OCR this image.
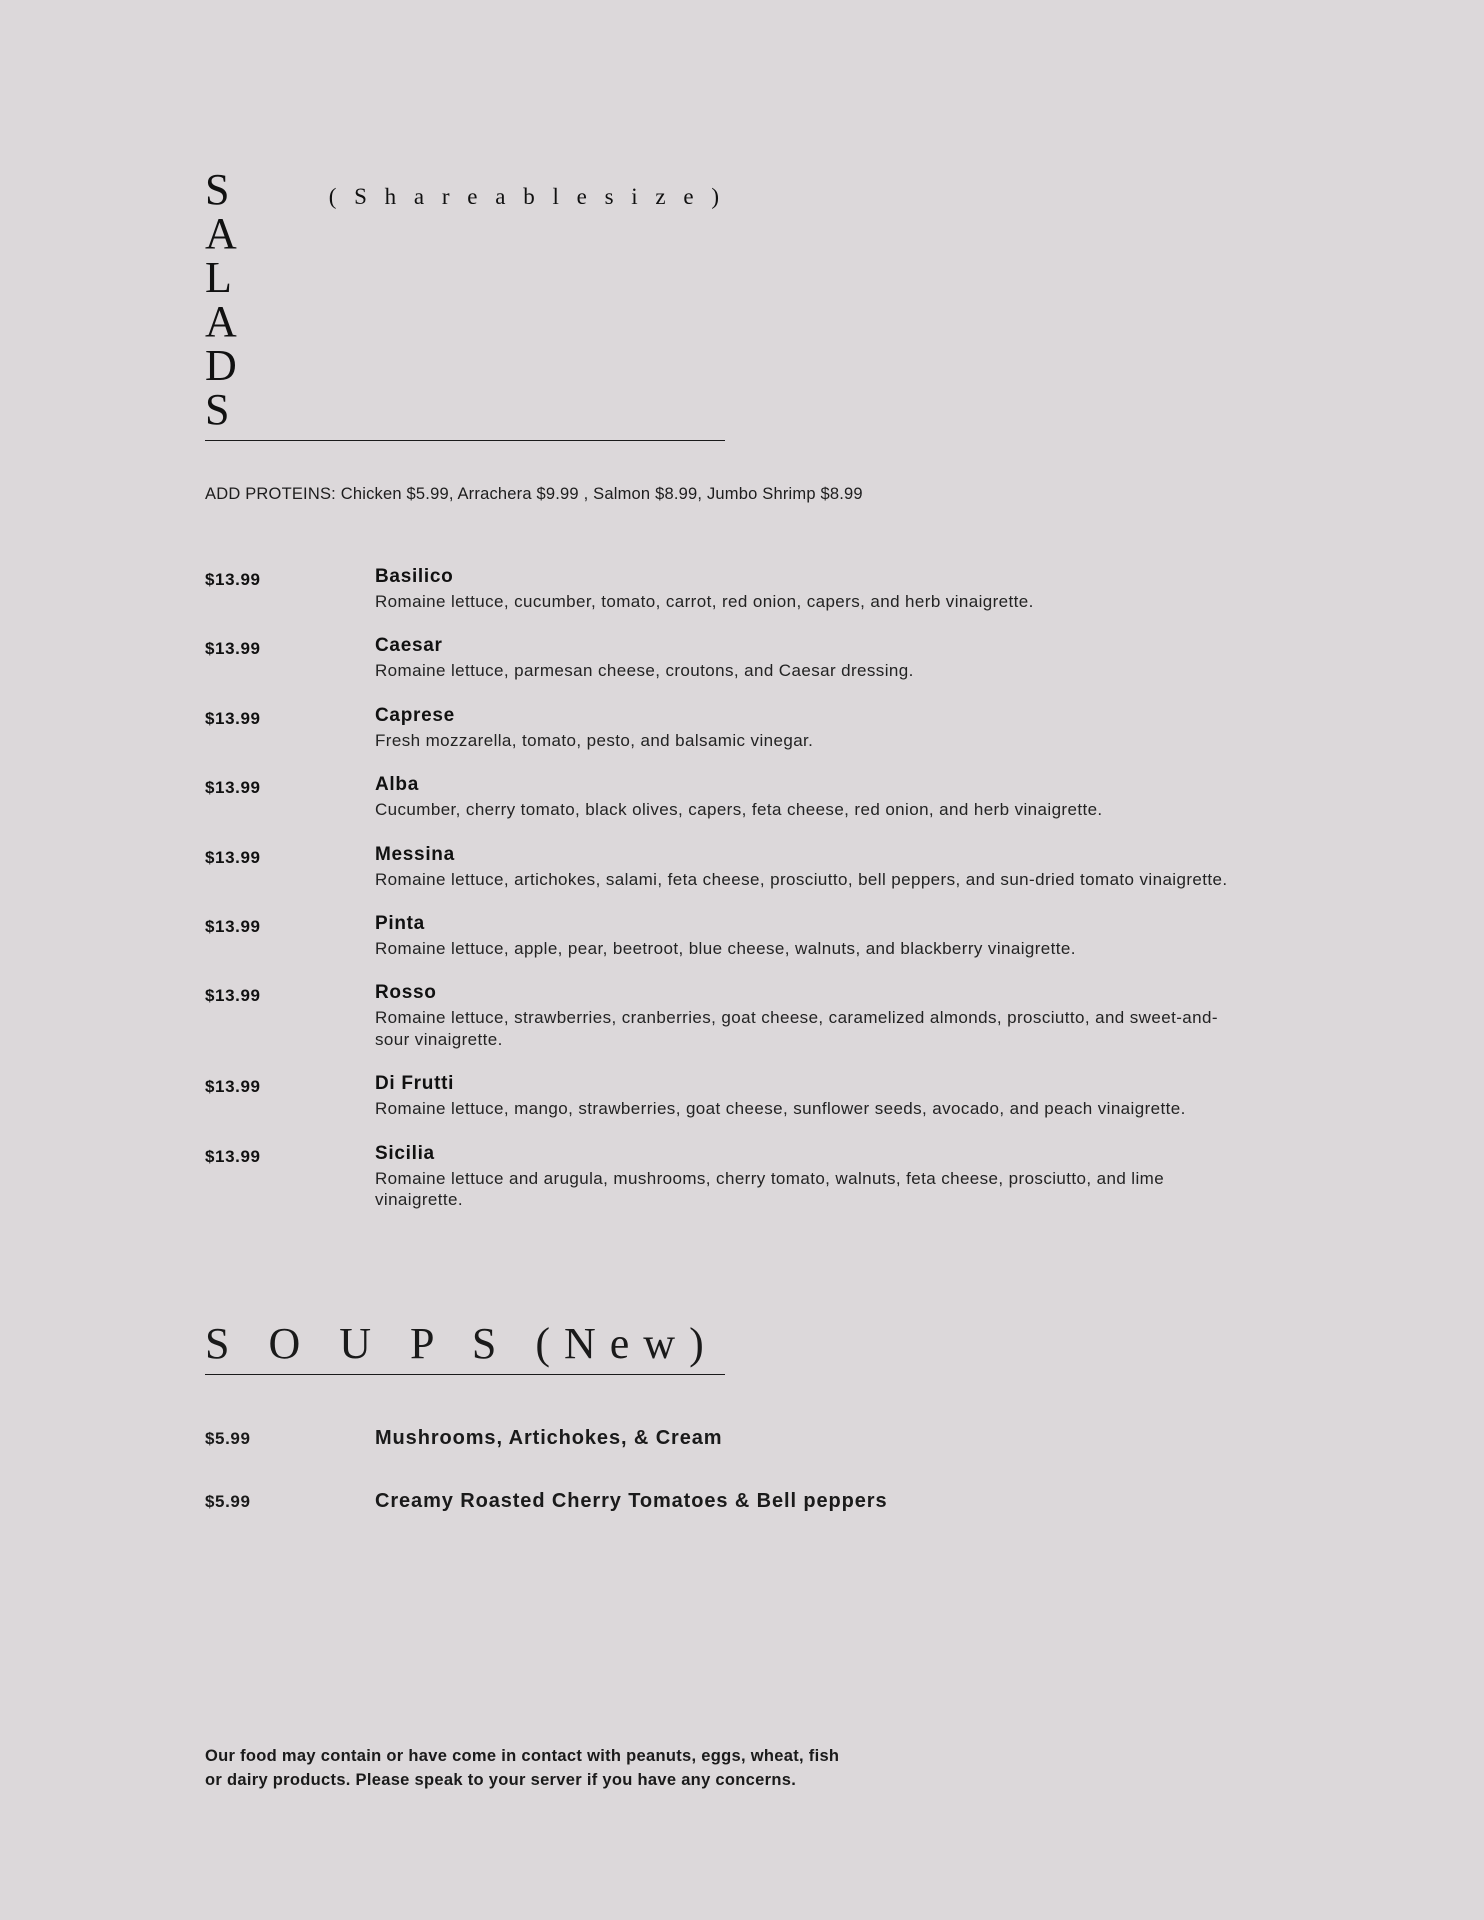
S A L A D S
( S h a r e a b l e s i z e )
ADD PROTEINS: Chicken $5.99, Arrachera $9.99 , Salmon $8.99, Jumbo Shrimp $8.99
$13.99	Basilico
Romaine lettuce, cucumber, tomato, carrot, red onion, capers, and herb vinaigrette.
$13.99	Caesar
Romaine lettuce, parmesan cheese, croutons, and Caesar dressing.
$13.99	Caprese
Fresh mozzarella, tomato, pesto, and balsamic vinegar.
$13.99	Alba
Cucumber, cherry tomato, black olives, capers, feta cheese, red onion, and herb vinaigrette.
$13.99	Messina
Romaine lettuce, artichokes, salami, feta cheese, prosciutto, bell peppers, and sun-dried tomato vinaigrette.
$13.99	Pinta
Romaine lettuce, apple, pear, beetroot, blue cheese, walnuts, and blackberry vinaigrette.
$13.99	Rosso
Romaine lettuce, strawberries, cranberries, goat cheese, caramelized almonds, prosciutto, and sweet-and-sour vinaigrette.
$13.99	Di Frutti
Romaine lettuce, mango, strawberries, goat cheese, sunflower seeds, avocado, and peach vinaigrette.
$13.99	Sicilia
Romaine lettuce and arugula, mushrooms, cherry tomato, walnuts, feta cheese, prosciutto, and lime vinaigrette.
S O U P S (New)
$5.99	Mushrooms, Artichokes, & Cream
$5.99	Creamy Roasted Cherry Tomatoes & Bell peppers
Our food may contain or have come in contact with peanuts, eggs, wheat, fish
or dairy products. Please speak to your server if you have any concerns.
